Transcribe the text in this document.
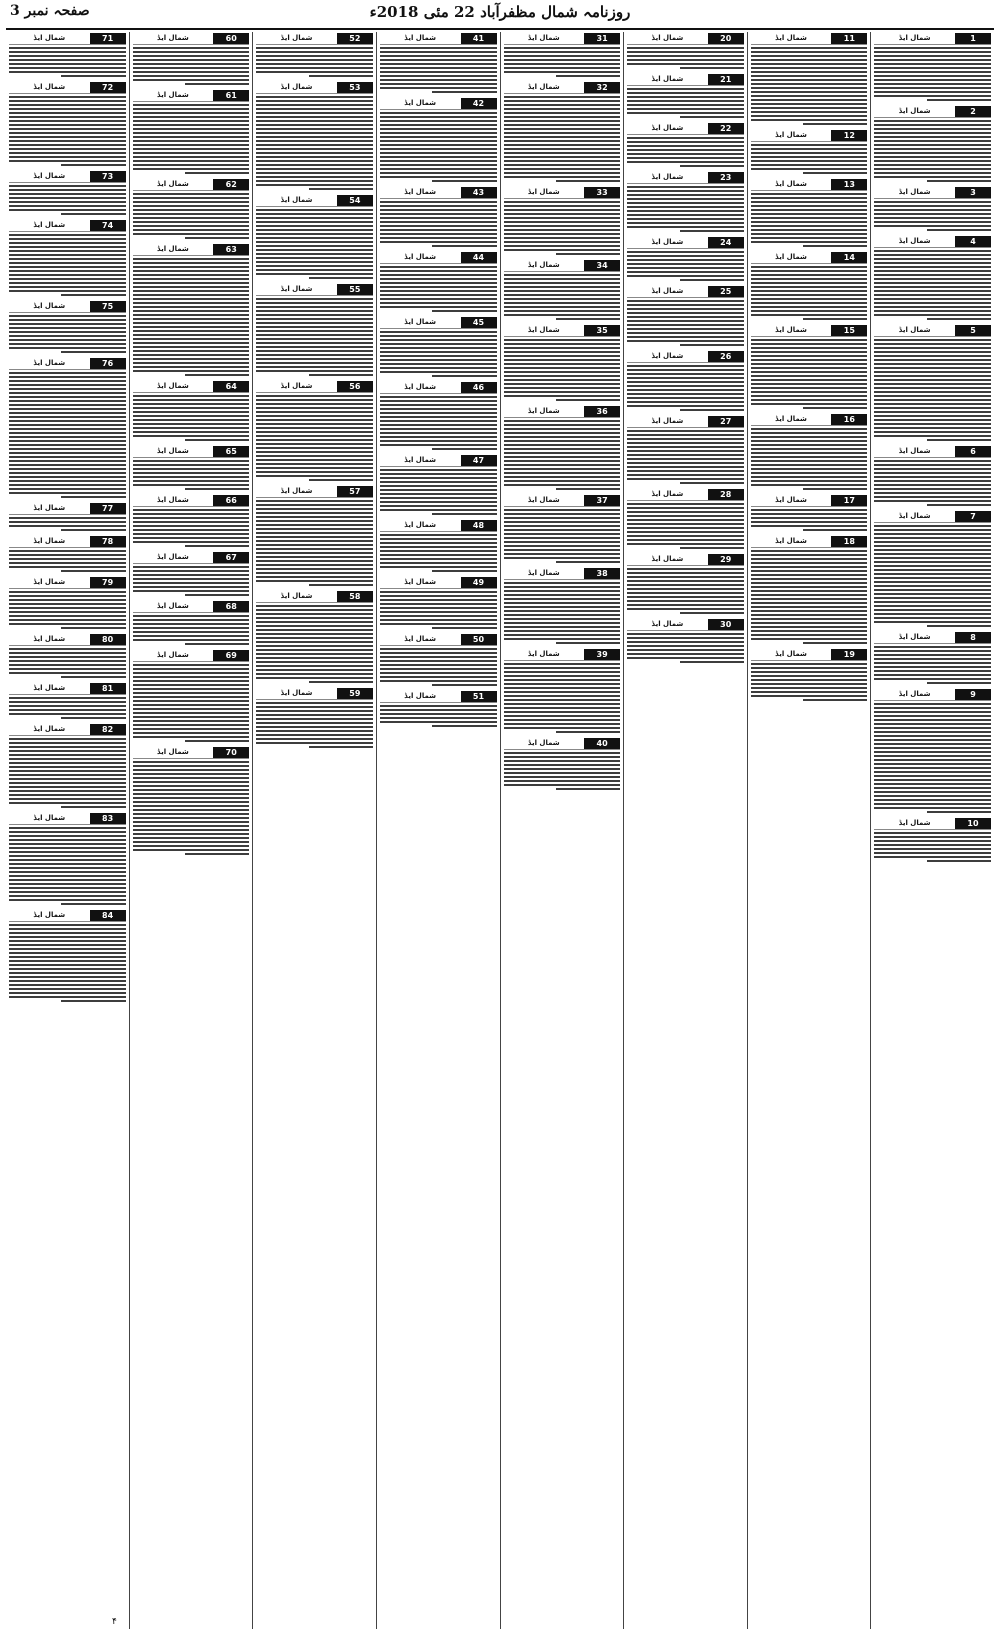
روزنامہ شمال مظفرآباد 22 مئی 2018ء
صفحہ نمبر 3
1
شمال ایڈ
2
شمال ایڈ
3
شمال ایڈ
4
شمال ایڈ
5
شمال ایڈ
6
شمال ایڈ
7
شمال ایڈ
8
شمال ایڈ
9
شمال ایڈ
10
شمال ایڈ
11
شمال ایڈ
12
شمال ایڈ
13
شمال ایڈ
14
شمال ایڈ
15
شمال ایڈ
16
شمال ایڈ
17
شمال ایڈ
18
شمال ایڈ
19
شمال ایڈ
20
شمال ایڈ
21
شمال ایڈ
22
شمال ایڈ
23
شمال ایڈ
24
شمال ایڈ
25
شمال ایڈ
26
شمال ایڈ
27
شمال ایڈ
28
شمال ایڈ
29
شمال ایڈ
30
شمال ایڈ
31
شمال ایڈ
32
شمال ایڈ
33
شمال ایڈ
34
شمال ایڈ
35
شمال ایڈ
36
شمال ایڈ
37
شمال ایڈ
38
شمال ایڈ
39
شمال ایڈ
40
شمال ایڈ
41
شمال ایڈ
42
شمال ایڈ
43
شمال ایڈ
44
شمال ایڈ
45
شمال ایڈ
46
شمال ایڈ
47
شمال ایڈ
48
شمال ایڈ
49
شمال ایڈ
50
شمال ایڈ
51
شمال ایڈ
52
شمال ایڈ
53
شمال ایڈ
54
شمال ایڈ
55
شمال ایڈ
56
شمال ایڈ
57
شمال ایڈ
58
شمال ایڈ
59
شمال ایڈ
60
شمال ایڈ
61
شمال ایڈ
62
شمال ایڈ
63
شمال ایڈ
64
شمال ایڈ
65
شمال ایڈ
66
شمال ایڈ
67
شمال ایڈ
68
شمال ایڈ
69
شمال ایڈ
70
شمال ایڈ
71
شمال ایڈ
72
شمال ایڈ
73
شمال ایڈ
74
شمال ایڈ
75
شمال ایڈ
76
شمال ایڈ
77
شمال ایڈ
78
شمال ایڈ
79
شمال ایڈ
80
شمال ایڈ
81
شمال ایڈ
82
شمال ایڈ
83
شمال ایڈ
84
شمال ایڈ
۴
